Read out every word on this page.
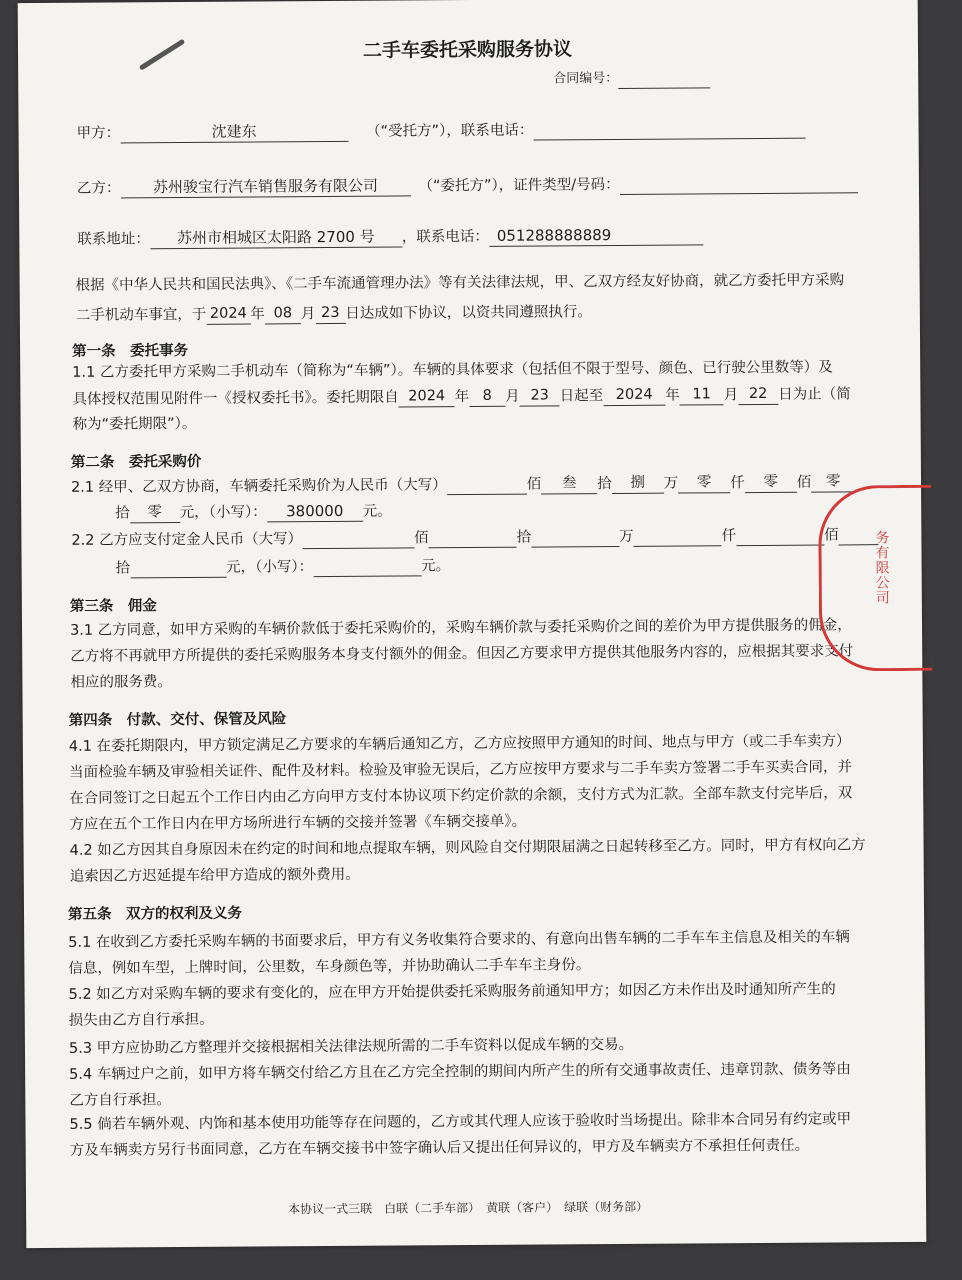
二手车委托采购服务协议
合同编号：
甲方：	沈建东	（“受托方”），联系电话：
乙方： 苏州骏宝行汽车销售服务有限公司	（“委托方”），证件类型/号码：
联系地址： 苏州市相城区太阳路 2700 号 ，联系电话： 051288888889
根据《中华人民共和国民法典》、《二手车流通管理办法》等有关法律法规，甲、乙双方经友好协商，就乙方委托甲方采购
二手机动车事宜，于 2024 年 08 月 23 日达成如下协议，以资共同遵照执行。
第一条　委托事务
1.1 乙方委托甲方采购二手机动车（简称为“车辆”）。车辆的具体要求（包括但不限于型号、颜色、已行驶公里数等）及
具体授权范围见附件一《授权委托书》。委托期限自 2024 年 8 月 23 日起至 2024 年 11 月 22 日为止（简
称为“委托期限”）。
第二条　委托采购价
2.1 经甲、乙双方协商，车辆委托采购价为人民币（大写）	佰 叁 拾 捌 万 零 仟 零 佰 零
拾 零 元，（小写）： 380000 元。
2.2 乙方应支付定金人民币（大写）	佰	拾	万	仟	佰
拾	元，（小写）：	元。
第三条　佣金
3.1 乙方同意，如甲方采购的车辆价款低于委托采购价的，采购车辆价款与委托采购价之间的差价为甲方提供服务的佣金，
乙方将不再就甲方所提供的委托采购服务本身支付额外的佣金。但因乙方要求甲方提供其他服务内容的，应根据其要求支付
相应的服务费。
第四条　付款、交付、保管及风险
4.1 在委托期限内，甲方锁定满足乙方要求的车辆后通知乙方，乙方应按照甲方通知的时间、地点与甲方（或二手车卖方）
当面检验车辆及审验相关证件、配件及材料。检验及审验无误后，乙方应按甲方要求与二手车卖方签署二手车买卖合同，并
在合同签订之日起五个工作日内由乙方向甲方支付本协议项下约定价款的余额，支付方式为汇款。全部车款支付完毕后，双
方应在五个工作日内在甲方场所进行车辆的交接并签署《车辆交接单》。
4.2 如乙方因其自身原因未在约定的时间和地点提取车辆，则风险自交付期限届满之日起转移至乙方。同时，甲方有权向乙方
追索因乙方迟延提车给甲方造成的额外费用。
第五条　双方的权利及义务
5.1 在收到乙方委托采购车辆的书面要求后，甲方有义务收集符合要求的、有意向出售车辆的二手车车主信息及相关的车辆
信息，例如车型，上牌时间，公里数，车身颜色等，并协助确认二手车车主身份。
5.2 如乙方对采购车辆的要求有变化的，应在甲方开始提供委托采购服务前通知甲方；如因乙方未作出及时通知所产生的
损失由乙方自行承担。
5.3 甲方应协助乙方整理并交接根据相关法律法规所需的二手车资料以促成车辆的交易。
5.4 车辆过户之前，如甲方将车辆交付给乙方且在乙方完全控制的期间内所产生的所有交通事故责任、违章罚款、债务等由
乙方自行承担。
5.5 倘若车辆外观、内饰和基本使用功能等存在问题的，乙方或其代理人应该于验收时当场提出。除非本合同另有约定或甲
方及车辆卖方另行书面同意，乙方在车辆交接书中签字确认后又提出任何异议的，甲方及车辆卖方不承担任何责任。
本协议一式三联　白联（二手车部）　黄联（客户）　绿联（财务部）
务有限公司
